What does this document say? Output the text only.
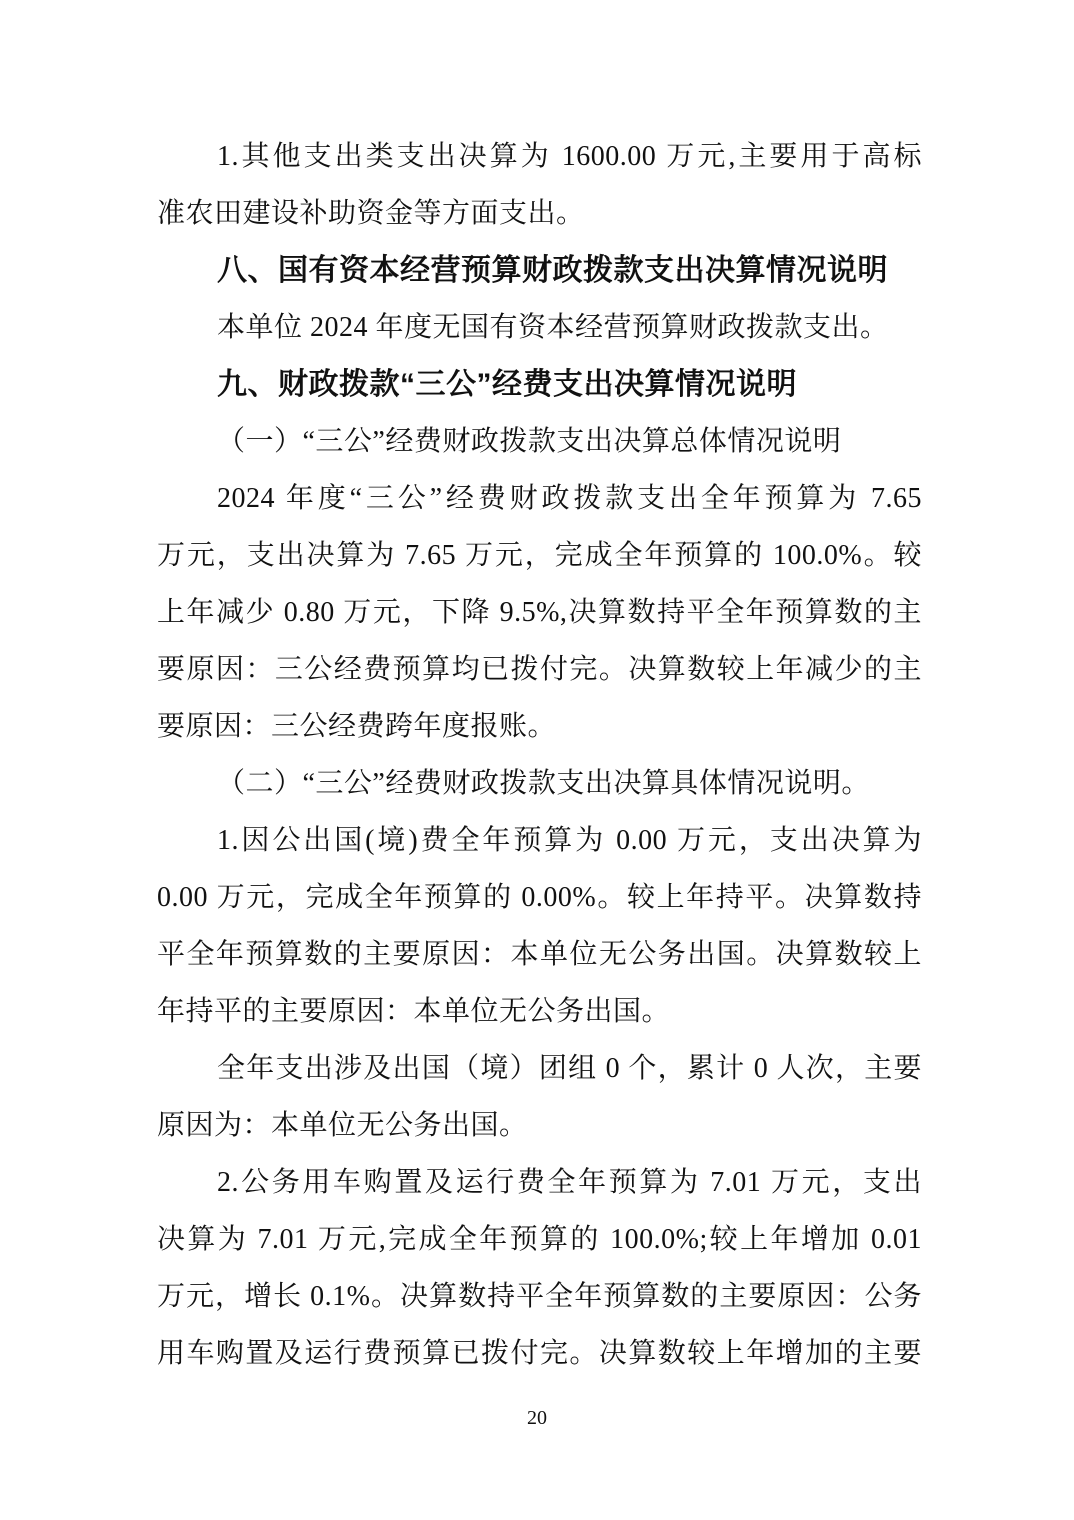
1.其他支出类支出决算为 1600.00 万元,主要用于高标
准农田建设补助资金等方面支出。
八、国有资本经营预算财政拨款支出决算情况说明
本单位 2024 年度无国有资本经营预算财政拨款支出。
九、财政拨款“三公”经费支出决算情况说明
（一）“三公”经费财政拨款支出决算总体情况说明
2024 年度“三公”经费财政拨款支出全年预算为 7.65
万元，支出决算为 7.65 万元，完成全年预算的 100.0%。较
上年减少 0.80 万元，下降 9.5%,决算数持平全年预算数的主
要原因：三公经费预算均已拨付完。决算数较上年减少的主
要原因：三公经费跨年度报账。
（二）“三公”经费财政拨款支出决算具体情况说明。
1.因公出国(境)费全年预算为 0.00 万元，支出决算为
0.00 万元，完成全年预算的 0.00%。较上年持平。决算数持
平全年预算数的主要原因：本单位无公务出国。决算数较上
年持平的主要原因：本单位无公务出国。
全年支出涉及出国（境）团组 0 个，累计 0 人次，主要
原因为：本单位无公务出国。
2.公务用车购置及运行费全年预算为 7.01 万元，支出
决算为 7.01 万元,完成全年预算的 100.0%;较上年增加 0.01
万元，增长 0.1%。决算数持平全年预算数的主要原因：公务
用车购置及运行费预算已拨付完。决算数较上年增加的主要
20
